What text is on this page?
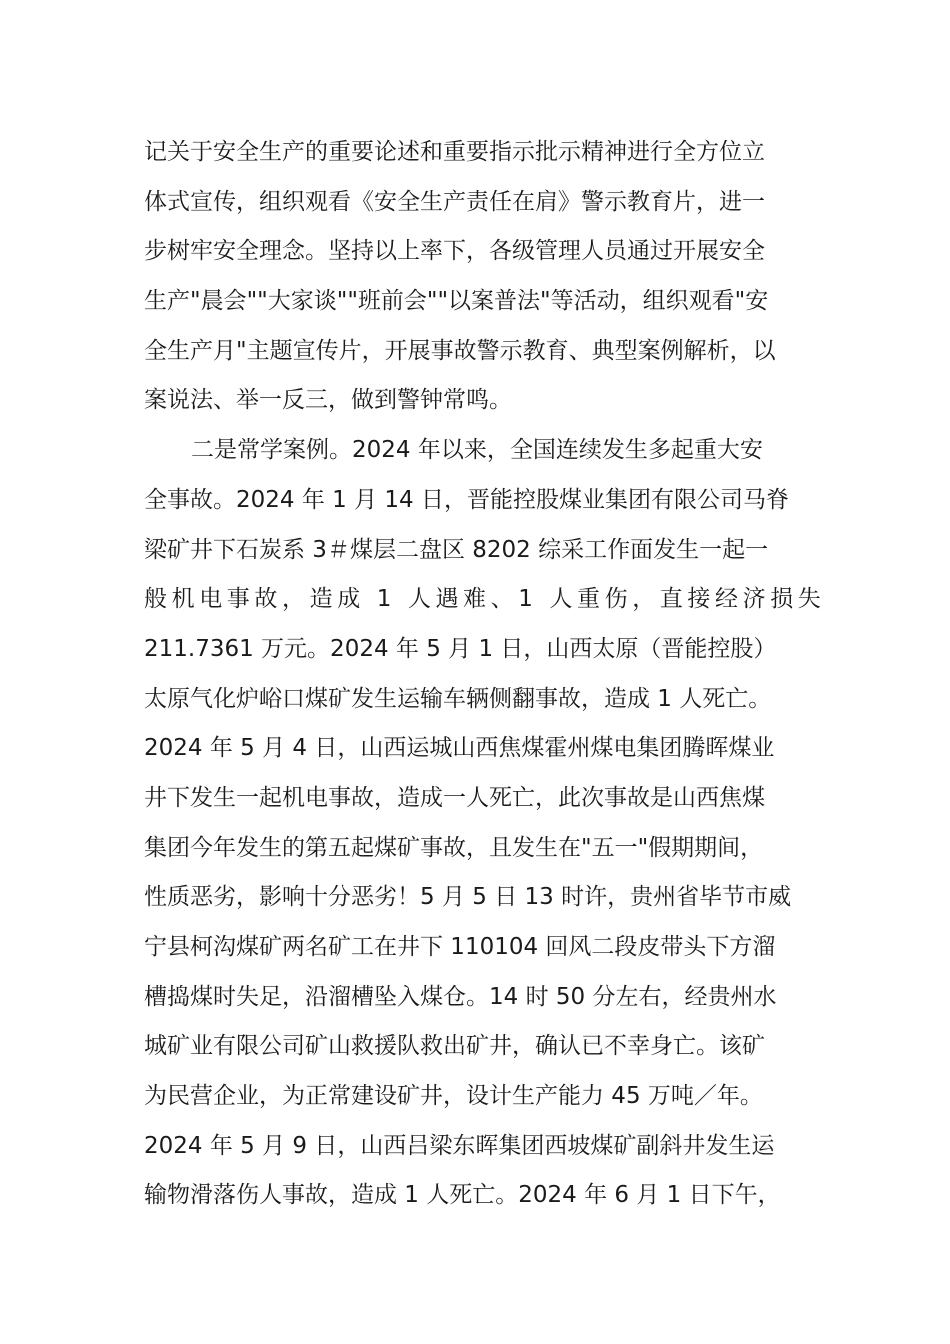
记关于安全生产的重要论述和重要指示批示精神进行全方位立
体式宣传，组织观看《安全生产责任在肩》警示教育片，进一
步树牢安全理念。坚持以上率下，各级管理人员通过开展安全
生产"晨会""大家谈""班前会""以案普法"等活动，组织观看"安
全生产月"主题宣传片，开展事故警示教育、典型案例解析，以
案说法、举一反三，做到警钟常鸣。
二是常学案例。2024 年以来，全国连续发生多起重大安
全事故。2024 年 1 月 14 日，晋能控股煤业集团有限公司马脊
梁矿井下石炭系 3＃煤层二盘区 8202 综采工作面发生一起一
般机电事故，造成 1 人遇难、1 人重伤，直接经济损失
211.7361 万元。2024 年 5 月 1 日，山西太原（晋能控股）
太原气化炉峪口煤矿发生运输车辆侧翻事故，造成 1 人死亡。
2024 年 5 月 4 日，山西运城山西焦煤霍州煤电集团腾晖煤业
井下发生一起机电事故，造成一人死亡，此次事故是山西焦煤
集团今年发生的第五起煤矿事故，且发生在"五一"假期期间，
性质恶劣，影响十分恶劣！5 月 5 日 13 时许，贵州省毕节市威
宁县柯沟煤矿两名矿工在井下 110104 回风二段皮带头下方溜
槽捣煤时失足，沿溜槽坠入煤仓。14 时 50 分左右，经贵州水
城矿业有限公司矿山救援队救出矿井，确认已不幸身亡。该矿
为民营企业，为正常建设矿井，设计生产能力 45 万吨／年。
2024 年 5 月 9 日，山西吕梁东晖集团西坡煤矿副斜井发生运
输物滑落伤人事故，造成 1 人死亡。2024 年 6 月 1 日下午，
